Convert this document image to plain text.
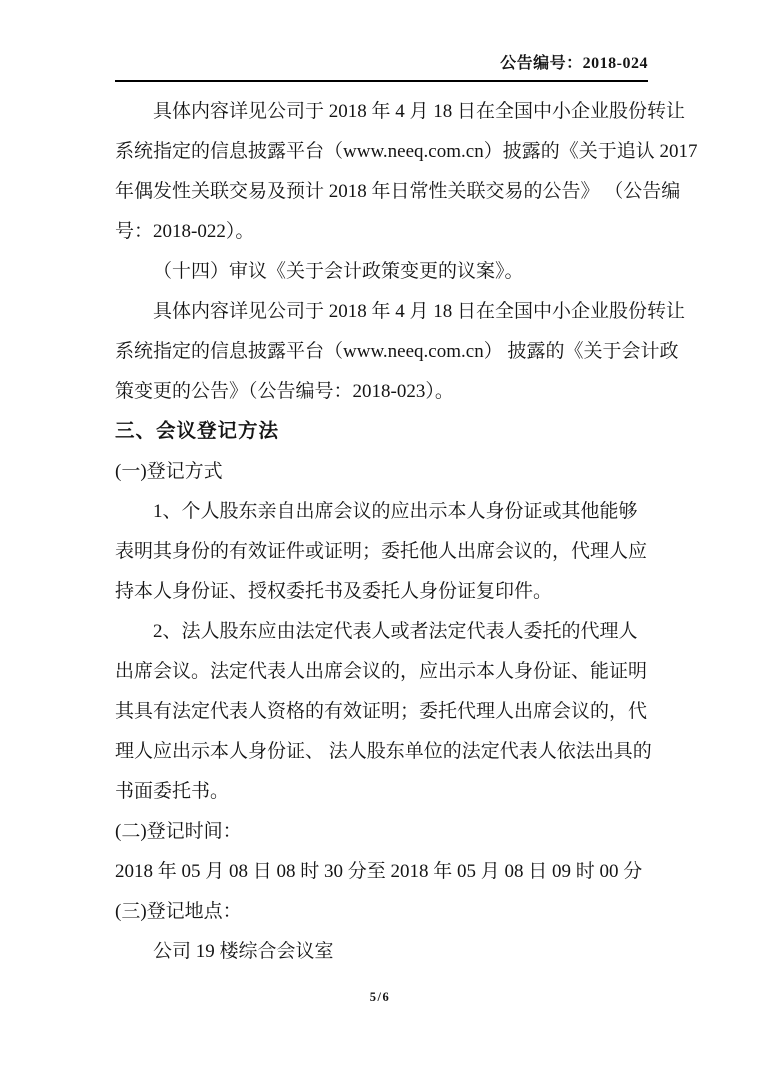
公告编号：2018-024
具体内容详见公司于 2018 年 4 月 18 日在全国中小企业股份转让
系统指定的信息披露平台（www.neeq.com.cn）披露的《关于追认 2017
年偶发性关联交易及预计 2018 年日常性关联交易的公告》 （公告编
号：2018-022）。
（十四）审议《关于会计政策变更的议案》。
具体内容详见公司于 2018 年 4 月 18 日在全国中小企业股份转让
系统指定的信息披露平台（www.neeq.com.cn） 披露的《关于会计政
策变更的公告》（公告编号：2018-023）。
三、会议登记方法
(一)登记方式
1、个人股东亲自出席会议的应出示本人身份证或其他能够
表明其身份的有效证件或证明；委托他人出席会议的，代理人应
持本人身份证、授权委托书及委托人身份证复印件。
2、法人股东应由法定代表人或者法定代表人委托的代理人
出席会议。法定代表人出席会议的，应出示本人身份证、能证明
其具有法定代表人资格的有效证明；委托代理人出席会议的，代
理人应出示本人身份证、 法人股东单位的法定代表人依法出具的
书面委托书。
(二)登记时间：
2018 年 05 月 08 日 08 时 30 分至 2018 年 05 月 08 日 09 时 00 分
(三)登记地点：
公司 19 楼综合会议室
5/6
